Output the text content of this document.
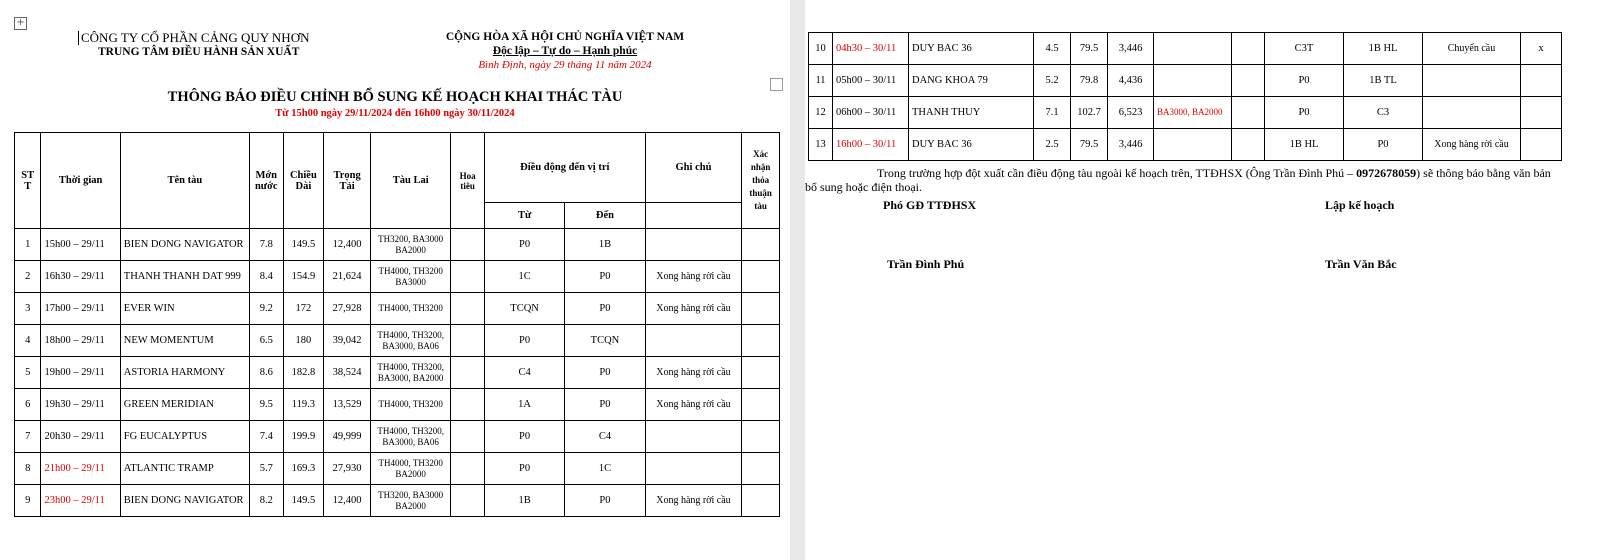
+
CÔNG TY CỔ PHẦN CẢNG QUY NHƠN
TRUNG TÂM ĐIỀU HÀNH SẢN XUẤT
CỘNG HÒA XÃ HỘI CHỦ NGHĨA VIỆT NAM
Độc lập – Tự do – Hạnh phúc
Bình Định, ngày 29 tháng 11 năm 2024
THÔNG BÁO ĐIỀU CHỈNH BỔ SUNG KẾ HOẠCH KHAI THÁC TÀU
Từ 15h00 ngày 29/11/2024 đến 16h00 ngày 30/11/2024
ST T	Thời gian	Tên tàu	Mớn nước	Chiều Dài	Trọng Tải	Tàu Lai	Hoa tiêu	Điều động đến vị trí		Ghi chú	Xác nhận thỏa thuận tàu
								Từ	Đến		
1	15h00 – 29/11	BIEN DONG NAVIGATOR	7.8	149.5	12,400	TH3200, BA3000 BA2000		P0	1B		
2	16h30 – 29/11	THANH THANH DAT 999	8.4	154.9	21,624	TH4000, TH3200 BA3000		1C	P0	Xong hàng rời cầu	
3	17h00 – 29/11	EVER WIN	9.2	172	27,928	TH4000, TH3200		TCQN	P0	Xong hàng rời cầu	
4	18h00 – 29/11	NEW MOMENTUM	6.5	180	39,042	TH4000, TH3200, BA3000, BA06		P0	TCQN		
5	19h00 – 29/11	ASTORIA HARMONY	8.6	182.8	38,524	TH4000, TH3200, BA3000, BA2000		C4	P0	Xong hàng rời cầu	
6	19h30 – 29/11	GREEN MERIDIAN	9.5	119.3	13,529	TH4000, TH3200		1A	P0	Xong hàng rời cầu	
7	20h30 – 29/11	FG EUCALYPTUS	7.4	199.9	49,999	TH4000, TH3200, BA3000, BA06		P0	C4		
8	21h00 – 29/11	ATLANTIC TRAMP	5.7	169.3	27,930	TH4000, TH3200 BA2000		P0	1C		
9	23h00 – 29/11	BIEN DONG NAVIGATOR	8.2	149.5	12,400	TH3200, BA3000 BA2000		1B	P0	Xong hàng rời cầu	
10	04h30 – 30/11	DUY BAC 36	4.5	79.5	3,446			C3T	1B HL	Chuyển cầu	x
11	05h00 – 30/11	DANG KHOA 79	5.2	79.8	4,436			P0	1B TL		
12	06h00 – 30/11	THANH THUY	7.1	102.7	6,523	BA3000, BA2000		P0	C3		
13	16h00 – 30/11	DUY BAC 36	2.5	79.5	3,446			1B HL	P0	Xong hàng rời cầu	

Trong trường hợp đột xuất cần điều động tàu ngoài kế hoạch trên, TTĐHSX (Ông Trần Đình Phú – 0972678059) sẽ thông báo bằng văn bản bổ sung hoặc điện thoại.

Phó GĐ TTĐHSX	Lập kế hoạch
Trần Đình Phú	Trần Văn Bắc
